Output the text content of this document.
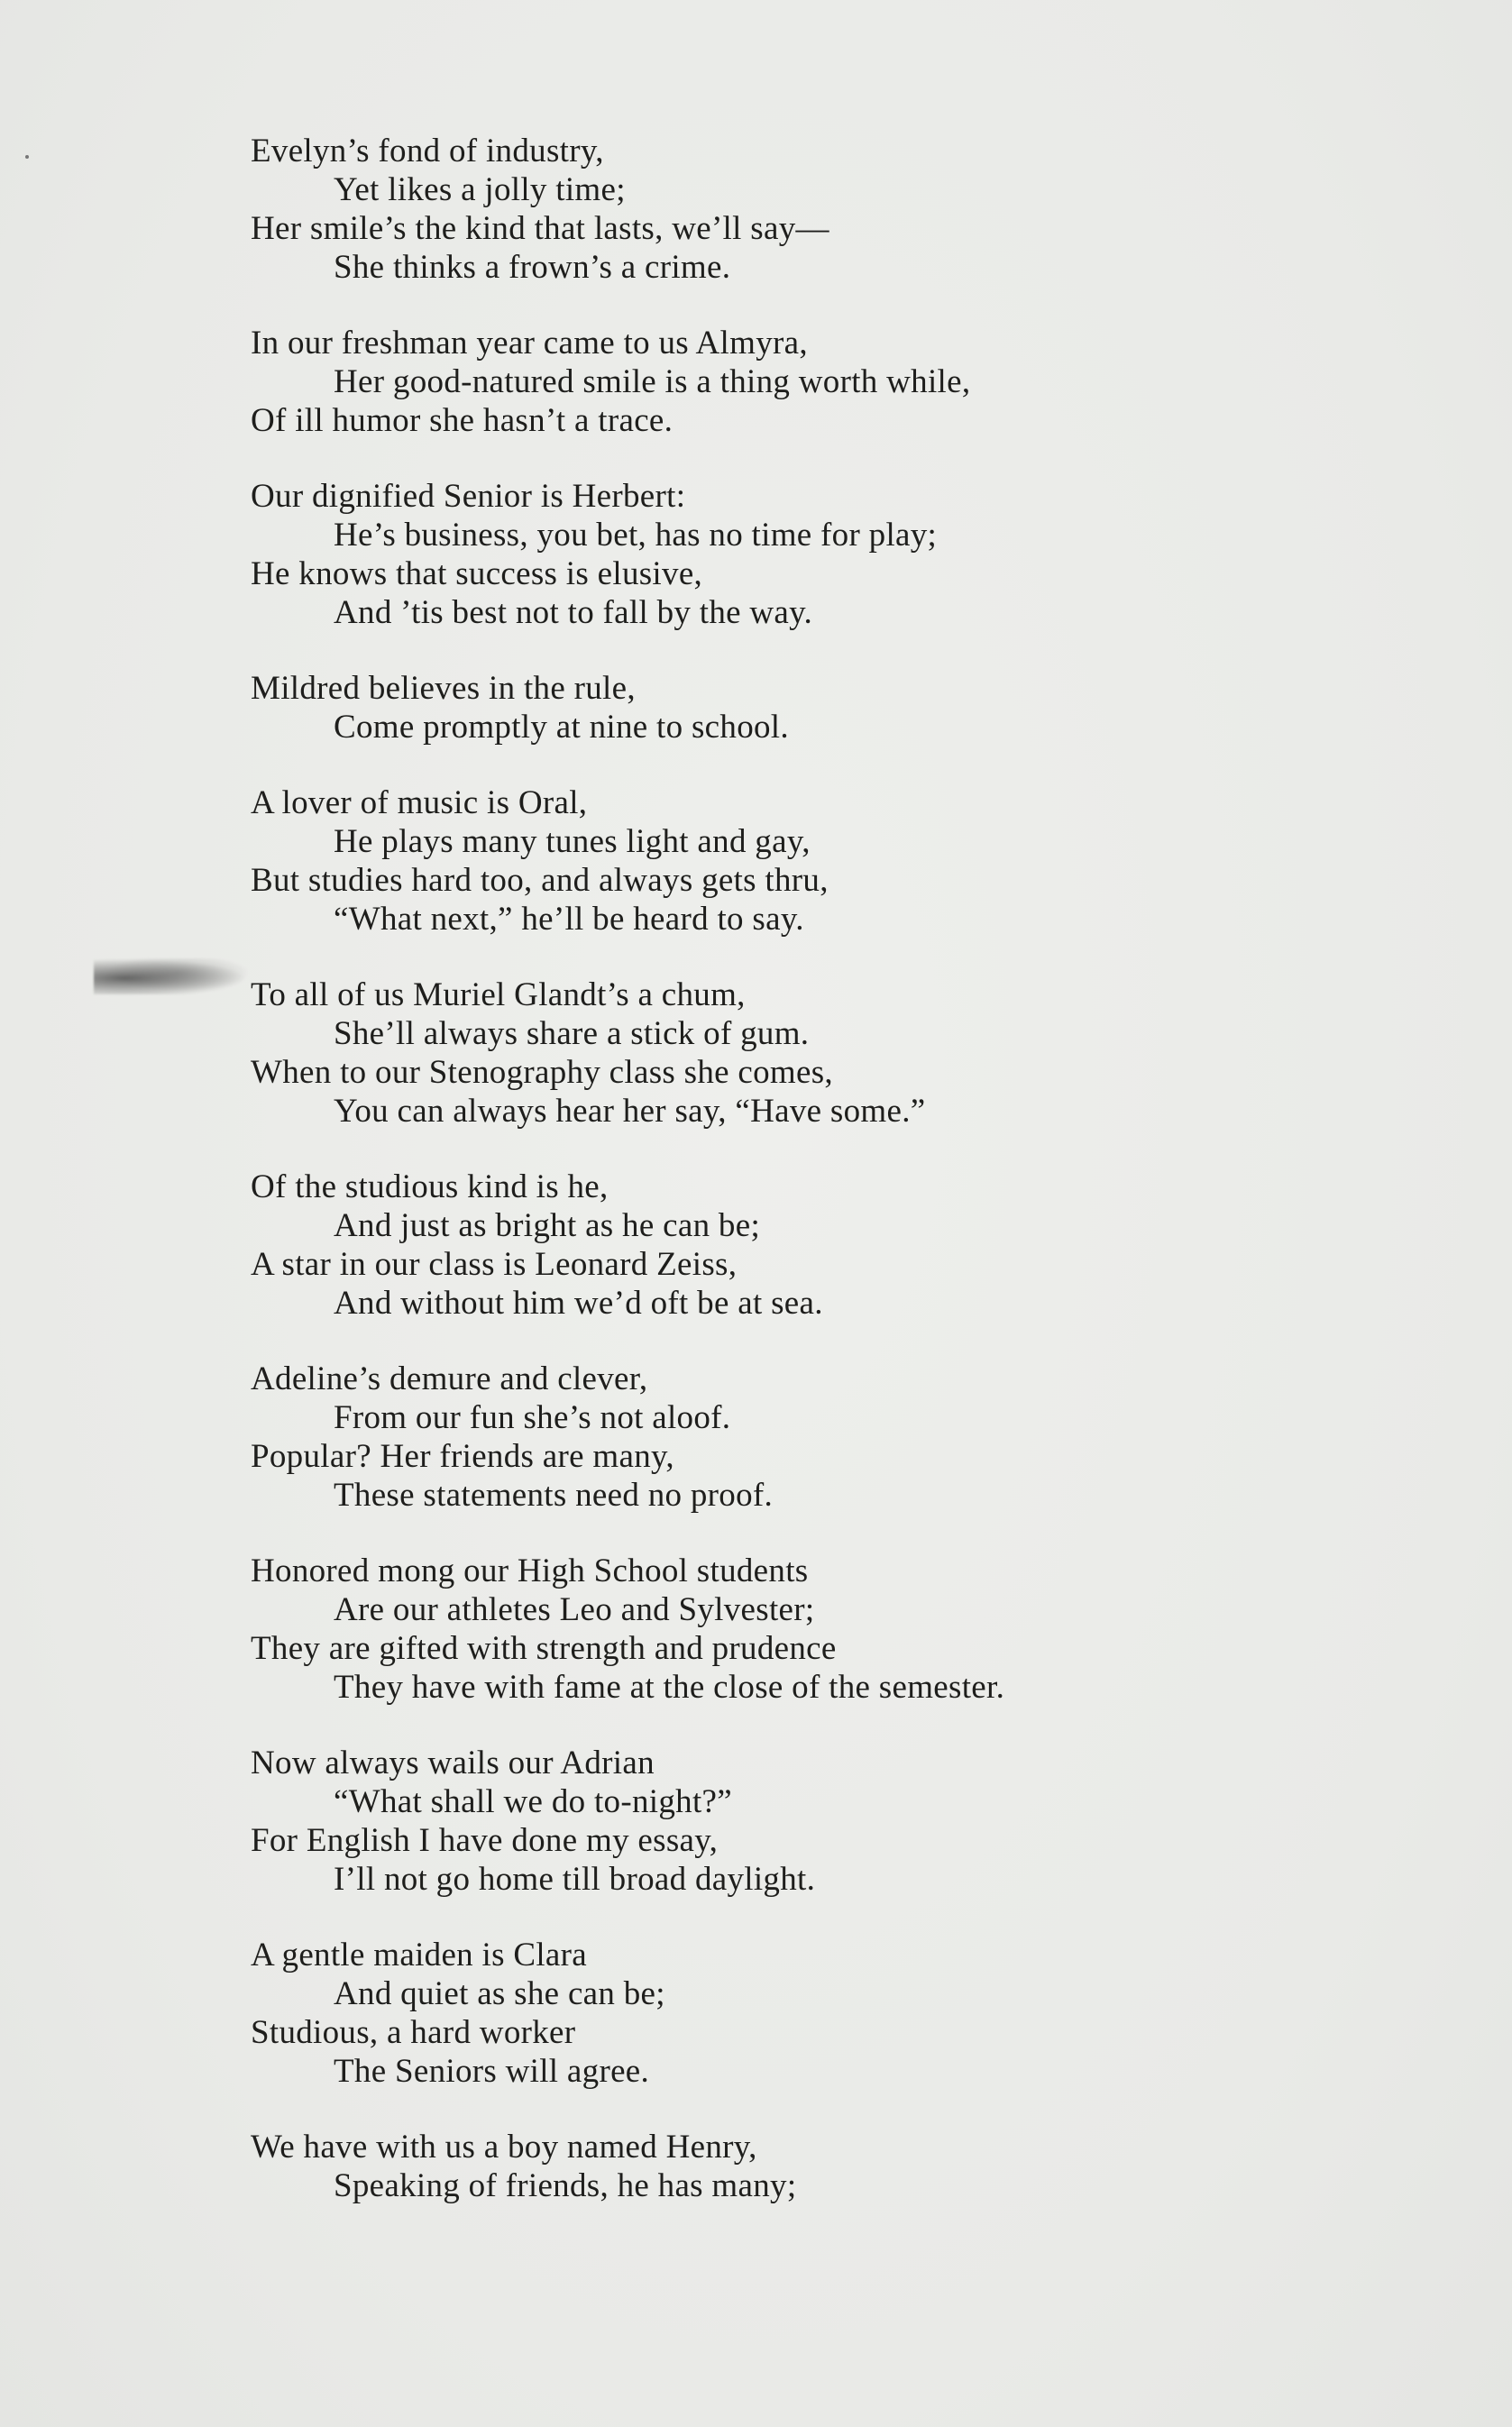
Evelyn’s fond of industry,
Yet likes a jolly time;
Her smile’s the kind that lasts, we’ll say—
She thinks a frown’s a crime.
In our freshman year came to us Almyra,
Her good-natured smile is a thing worth while,
Of ill humor she hasn’t a trace.
Our dignified Senior is Herbert:
He’s business, you bet, has no time for play;
He knows that success is elusive,
And ’tis best not to fall by the way.
Mildred believes in the rule,
Come promptly at nine to school.
A lover of music is Oral,
He plays many tunes light and gay,
But studies hard too, and always gets thru,
“What next,” he’ll be heard to say.
To all of us Muriel Glandt’s a chum,
She’ll always share a stick of gum.
When to our Stenography class she comes,
You can always hear her say, “Have some.”
Of the studious kind is he,
And just as bright as he can be;
A star in our class is Leonard Zeiss,
And without him we’d oft be at sea.
Adeline’s demure and clever,
From our fun she’s not aloof.
Popular? Her friends are many,
These statements need no proof.
Honored mong our High School students
Are our athletes Leo and Sylvester;
They are gifted with strength and prudence
They have with fame at the close of the semester.
Now always wails our Adrian
“What shall we do to-night?”
For English I have done my essay,
I’ll not go home till broad daylight.
A gentle maiden is Clara
And quiet as she can be;
Studious, a hard worker
The Seniors will agree.
We have with us a boy named Henry,
Speaking of friends, he has many;
